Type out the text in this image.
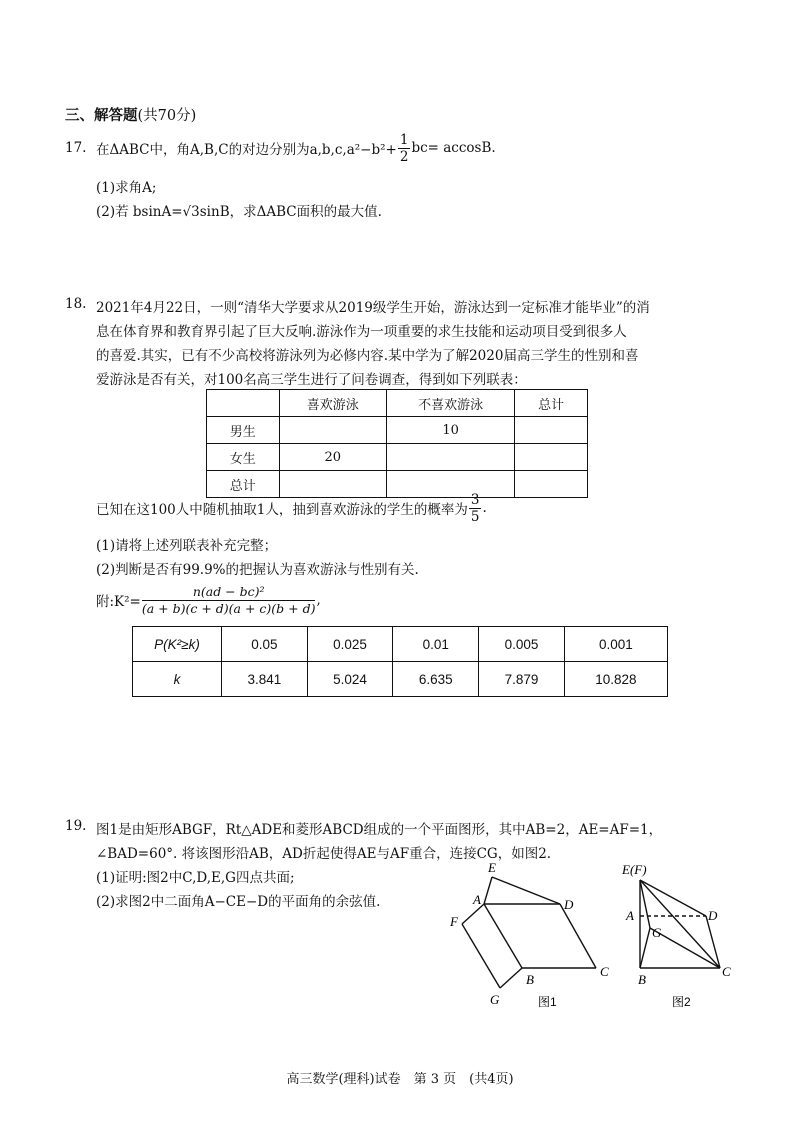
三、解答题(共70分)
17. 在ΔABC中，角A,B,C的对边分别为$a,b,c,a^2-b^2+ \frac{1}{2} bc= accosB$.
(1)求角A;
(2)若 bsinA=√3sinB，求ΔABC面积的最大值.
18. 2021年4月22日，一则“清华大学要求从2019级学生开始，游泳达到一定标准才能毕业”的消
息在体育界和教育界引起了巨大反响.游泳作为一项重要的求生技能和运动项目受到很多人
的喜爱.其实，已有不少高校将游泳列为必修内容.某中学为了解2020届高三学生的性别和喜
爱游泳是否有关，对100名高三学生进行了问卷调查，得到如下列联表：
	喜欢游泳	不喜欢游泳	总计
男生		10	
女生	20		
总计			
已知在这100人中随机抽取1人，抽到喜欢游泳的学生的概率为 $\frac{3}{5}$ .
(1)请将上述列联表补充完整；
(2)判断是否有99.9%的把握认为喜欢游泳与性别有关.
附:K²= $\frac{\text{n(ad − bc)²}}{(a + b)(c + d)(a + c)(b + d)}$ ,
P(K²≥k)	0.05	0.025	0.01	0.005	0.001
k	3.841	5.024	6.635	7.879	10.828
19. 图1是由矩形ABGF，Rt△ADE和菱形ABCD组成的一个平面图形，其中AB=2，AE=AF=1，
∠BAD=60°. 将该图形沿AB，AD折起使得AE与AF重合，连接CG，如图2.
(1)证明:图2中C,D,E,G四点共面;
(2)求图2中二面角A−CE−D的平面角的余弦值.
E
A	D
F
B
C
G	图1
E(F)
A	D
G
B
C
图2
高三数学(理科)试卷　第 3 页　(共4页)
